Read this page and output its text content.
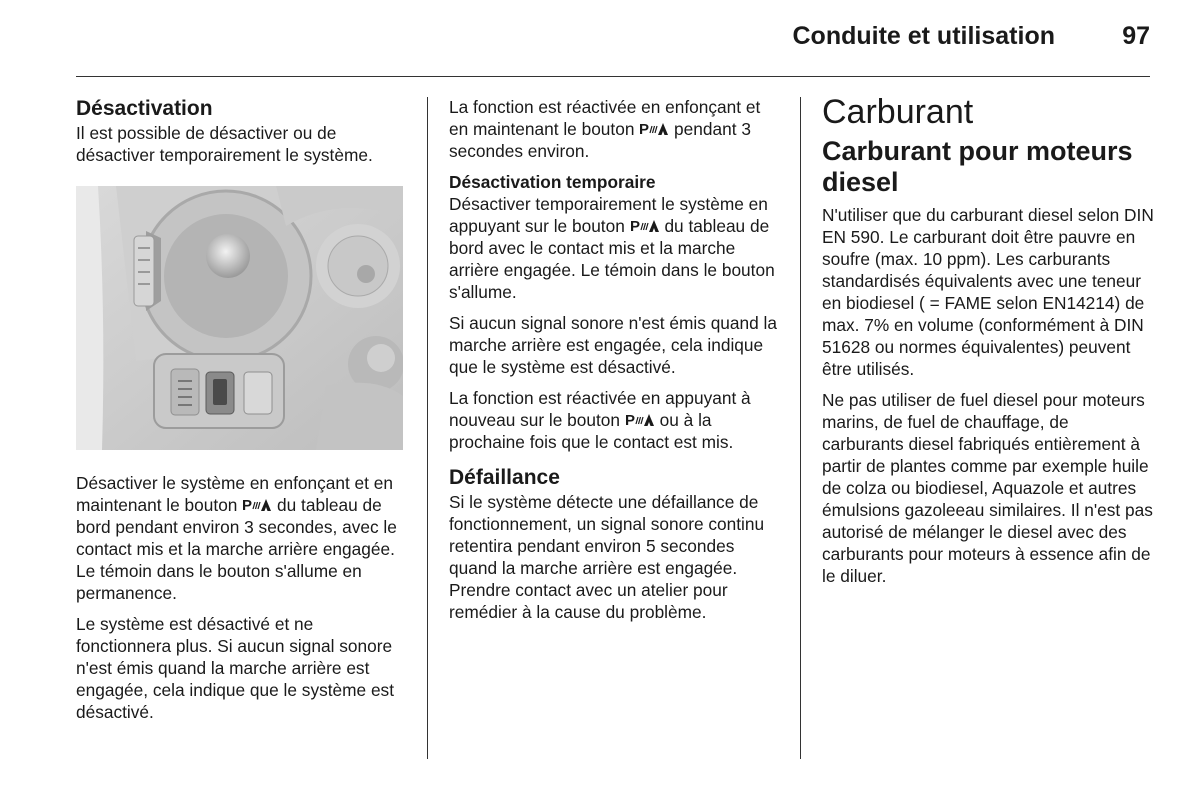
Conduite et utilisation	97
Désactivation

Il est possible de désactiver ou de désactiver temporairement le système.

Désactiver le système en enfonçant et en maintenant le bouton  du tableau de bord pendant environ 3 secondes, avec le contact mis et la marche arrière engagée. Le témoin dans le bouton s'allume en permanence.

Le système est désactivé et ne fonctionnera plus. Si aucun signal sonore n'est émis quand la marche arrière est engagée, cela indique que le système est désactivé.

La fonction est réactivée en enfonçant et en maintenant le bouton  pendant 3 secondes environ.

Désactivation temporaire

Désactiver temporairement le système en appuyant sur le bouton  du tableau de bord avec le contact mis et la marche arrière engagée. Le témoin dans le bouton s'allume.

Si aucun signal sonore n'est émis quand la marche arrière est engagée, cela indique que le système est désactivé.

La fonction est réactivée en appuyant à nouveau sur le bouton  ou à la prochaine fois que le contact est mis.

Défaillance

Si le système détecte une défaillance de fonctionnement, un signal sonore continu retentira pendant environ 5 secondes quand la marche arrière est engagée. Prendre contact avec un atelier pour remédier à la cause du problème.

Carburant
Carburant pour moteurs diesel

N'utiliser que du carburant diesel selon DIN EN 590. Le carburant doit être pauvre en soufre (max. 10 ppm). Les carburants standardisés équivalents avec une teneur en biodiesel ( = FAME selon EN14214) de max. 7% en volume (conformément à DIN 51628 ou normes équivalentes) peuvent être utilisés.

Ne pas utiliser de fuel diesel pour moteurs marins, de fuel de chauffage, de carburants diesel fabriqués entièrement à partir de plantes comme par exemple huile de colza ou biodiesel, Aquazole et autres émulsions gazoleeau similaires. Il n'est pas autorisé de mélanger le diesel avec des carburants pour moteurs à essence afin de le diluer.
